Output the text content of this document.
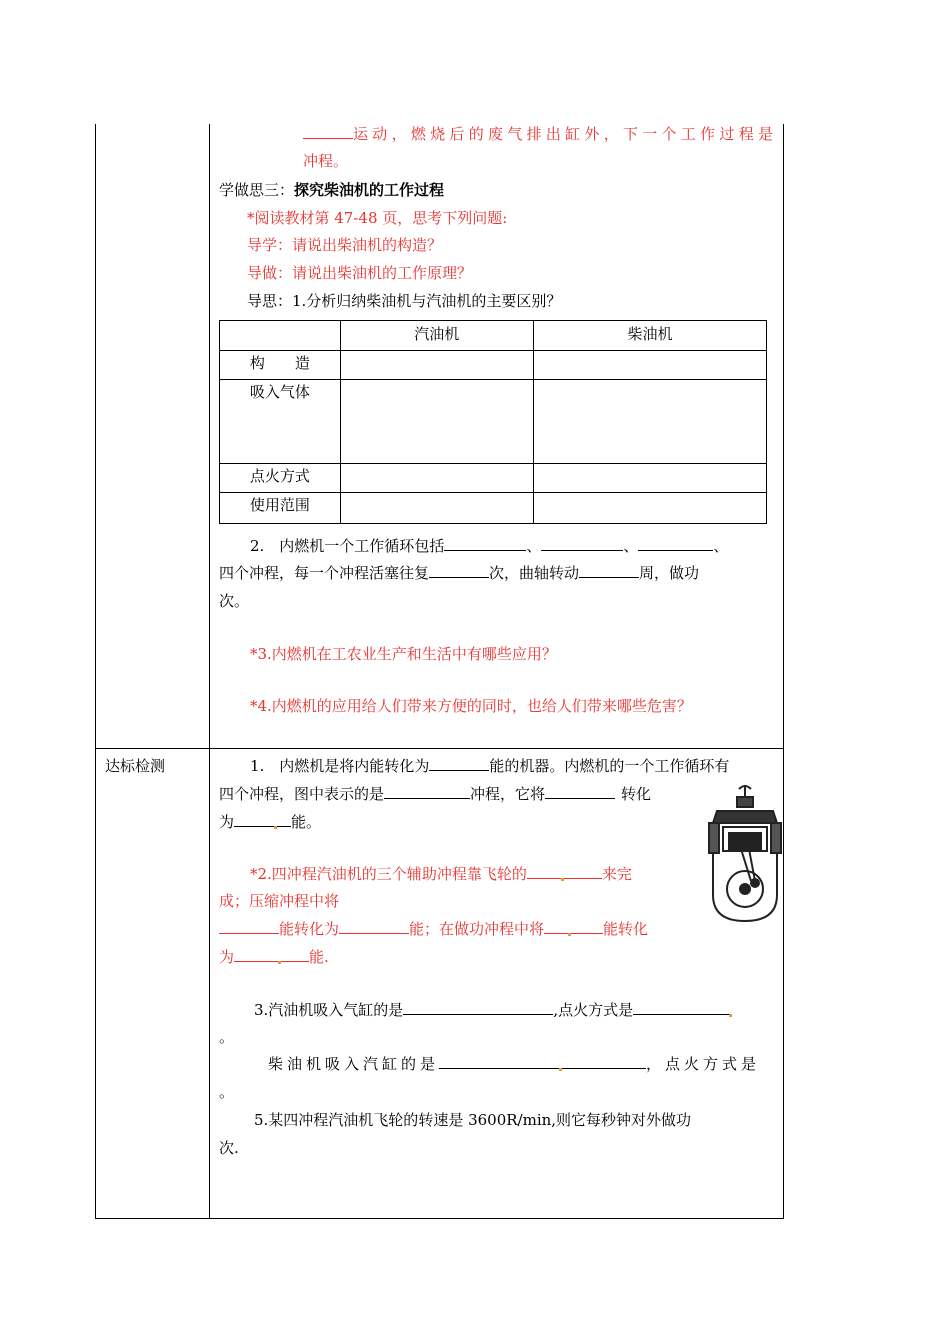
运动，燃烧后的废气排出缸外，下一个工作过程是
冲程。
学做思三：探究柴油机的工作过程
*阅读教材第 47-48 页，思考下列问题:
导学：请说出柴油机的构造？
导做：请说出柴油机的工作原理？
导思：1.分析归纳柴油机与汽油机的主要区别？
	汽油机	柴油机
构　　造		
吸入气体		
点火方式		
使用范围		
2.　内燃机一个工作循环包括	、	、	、
四个冲程，每一个冲程活塞往复	次，曲轴转动	周，做功
次。
*3.内燃机在工农业生产和生活中有哪些应用？
*4.内燃机的应用给人们带来方便的同时，也给人们带来哪些危害？
达标检测	1.　内燃机是将内能转化为	能的机器。内燃机的一个工作循环有
四个冲程，图中表示的是	冲程，它将	转化
为	能。
*2.四冲程汽油机的三个辅助冲程靠飞轮的	来完
成；压缩冲程中将
能转化为	能；在做功冲程中将	能转化
为	能.
3.汽油机吸入气缸的是	,点火方式是
。
柴油机吸入汽缸的是	，点火方式是
。
5.某四冲程汽油机飞轮的转速是 3600R/min,则它每秒钟对外做功
次.
